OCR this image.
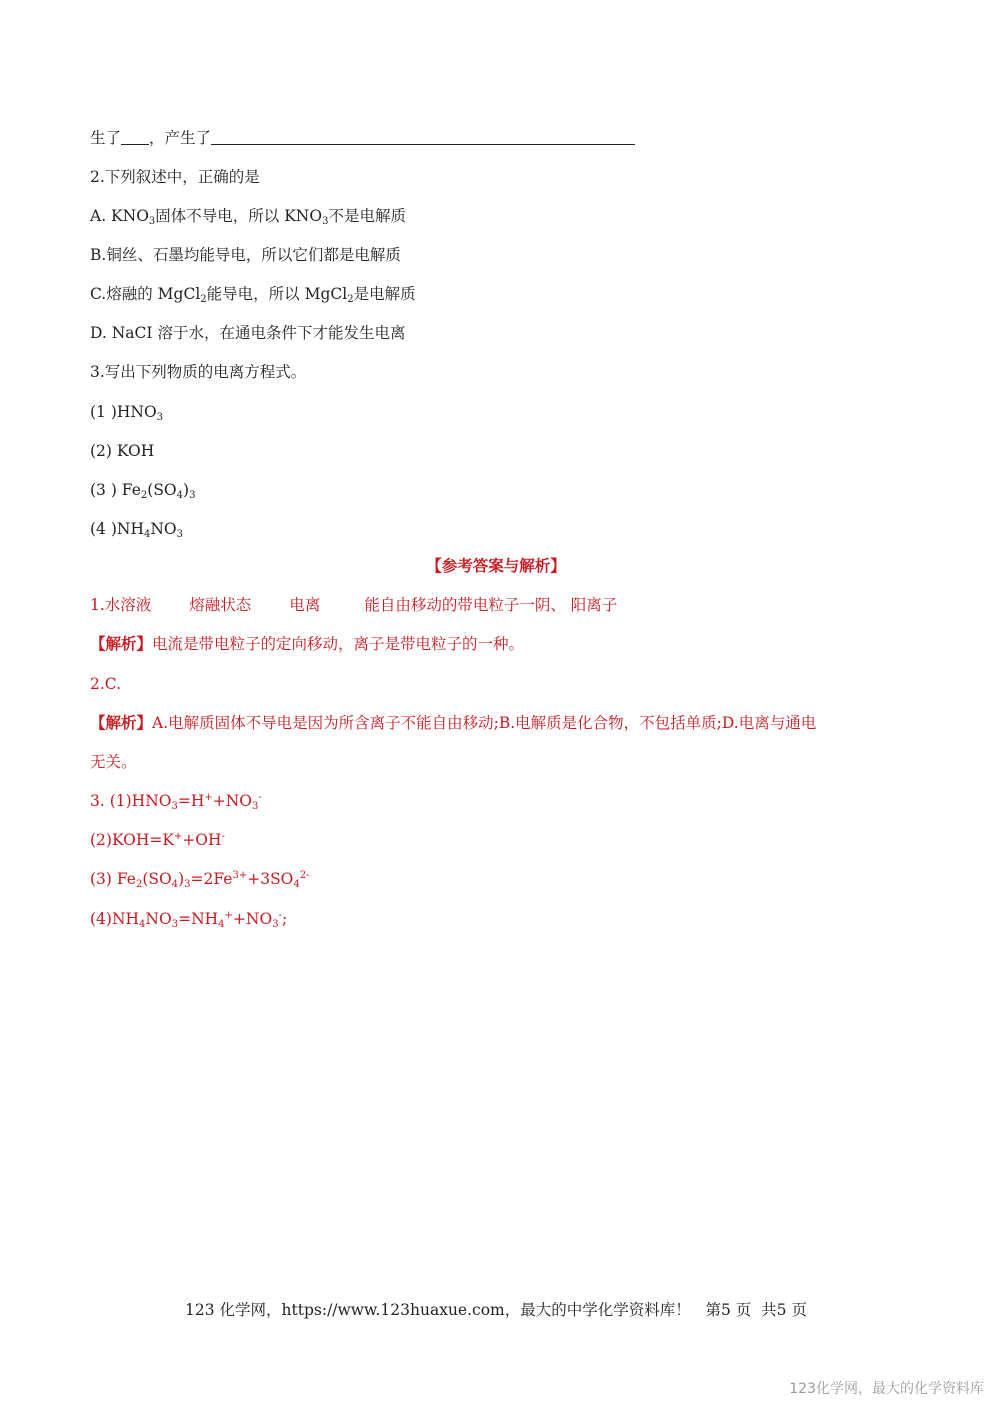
生了 ，产生了
2.下列叙述中，正确的是
A. $KNO_3$固体不导电，所以 $KNO_3$不是电解质
B.铜丝、石墨均能导电，所以它们都是电解质
C.熔融的 MgCl$_2$能导电，所以 MgCl$_2$是电解质
D. NaCI 溶于水，在通电条件下才能发生电离
3.写出下列物质的电离方程式。
(1 )$HNO_3$
(2) KOH
(3 ) $Fe_2(SO_4)_3$
(4 )$NH_4NO_3$
【参考答案与解析】
1.水溶液 熔融状态 电离	能自由移动的带电粒子一阴、 阳离子
【解析】电流是带电粒子的定向移动，离子是带电粒子的一种。
2.C.
【解析】A.电解质固体不导电是因为所含离子不能自由移动;B.电解质是化合物，不包括单质;D.电离与通电
无关。
3. $(1)HNO_3=H^++NO_3^-$
(2)KOH=K++OH-
(3) $Fe_2(SO_4)_3=2Fe^{3+}+3SO_4^{2-}$
$(4)NH_4NO_3=NH_4^++NO_3^-$;
123 化学网，https://www.123huaxue.com，最大的中学化学资料库！   第5 页  共5 页
123化学网，最大的化学资料库
